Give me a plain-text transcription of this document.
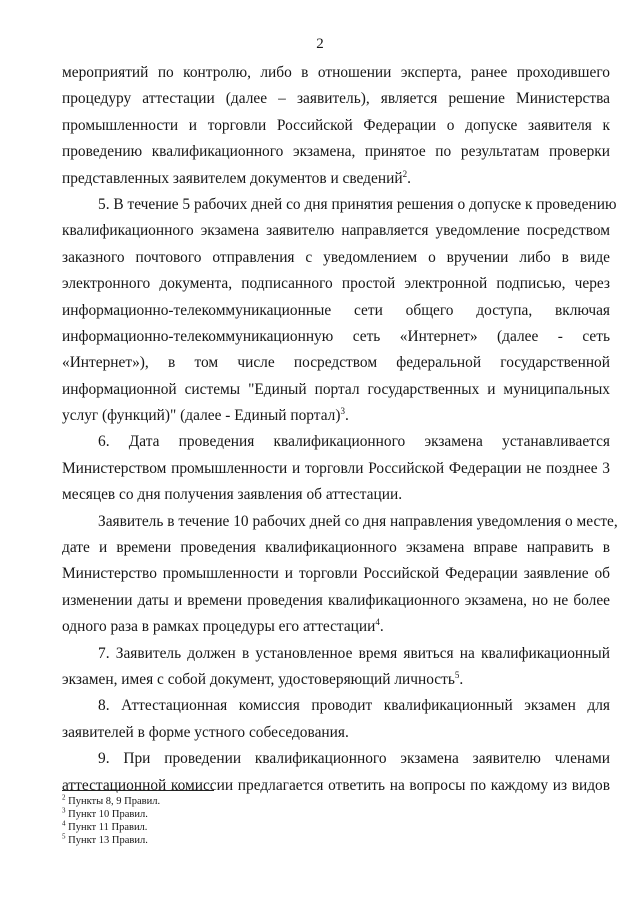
2
мероприятий по контролю, либо в отношении эксперта, ранее проходившего
процедуру аттестации (далее – заявитель), является решение Министерства
промышленности и торговли Российской Федерации о допуске заявителя к
проведению квалификационного экзамена, принятое по результатам проверки
представленных заявителем документов и сведений$^2$.
5. В течение 5 рабочих дней со дня принятия решения о допуске к проведению
квалификационного экзамена заявителю направляется уведомление посредством
заказного почтового отправления с уведомлением о вручении либо в виде
электронного документа, подписанного простой электронной подписью, через
информационно-телекоммуникационные сети общего доступа, включая
информационно-телекоммуникационную сеть «Интернет» (далее - сеть
«Интернет»), в том числе посредством федеральной государственной
информационной системы "Единый портал государственных и муниципальных
услуг (функций)" (далее - Единый портал)$^3$.
6. Дата проведения квалификационного экзамена устанавливается
Министерством промышленности и торговли Российской Федерации не позднее 3
месяцев со дня получения заявления об аттестации.
Заявитель в течение 10 рабочих дней со дня направления уведомления о месте,
дате и времени проведения квалификационного экзамена вправе направить в
Министерство промышленности и торговли Российской Федерации заявление об
изменении даты и времени проведения квалификационного экзамена, но не более
одного раза в рамках процедуры его аттестации$^4$.
7. Заявитель должен в установленное время явиться на квалификационный
экзамен, имея с собой документ, удостоверяющий личность$^5$.
8. Аттестационная комиссия проводит квалификационный экзамен для
заявителей в форме устного собеседования.
9. При проведении квалификационного экзамена заявителю членами
аттестационной комиссии предлагается ответить на вопросы по каждому из видов
$^2$ Пункты 8, 9 Правил.
$^3$ Пункт 10 Правил.
$^4$ Пункт 11 Правил.
$^5$ Пункт 13 Правил.
